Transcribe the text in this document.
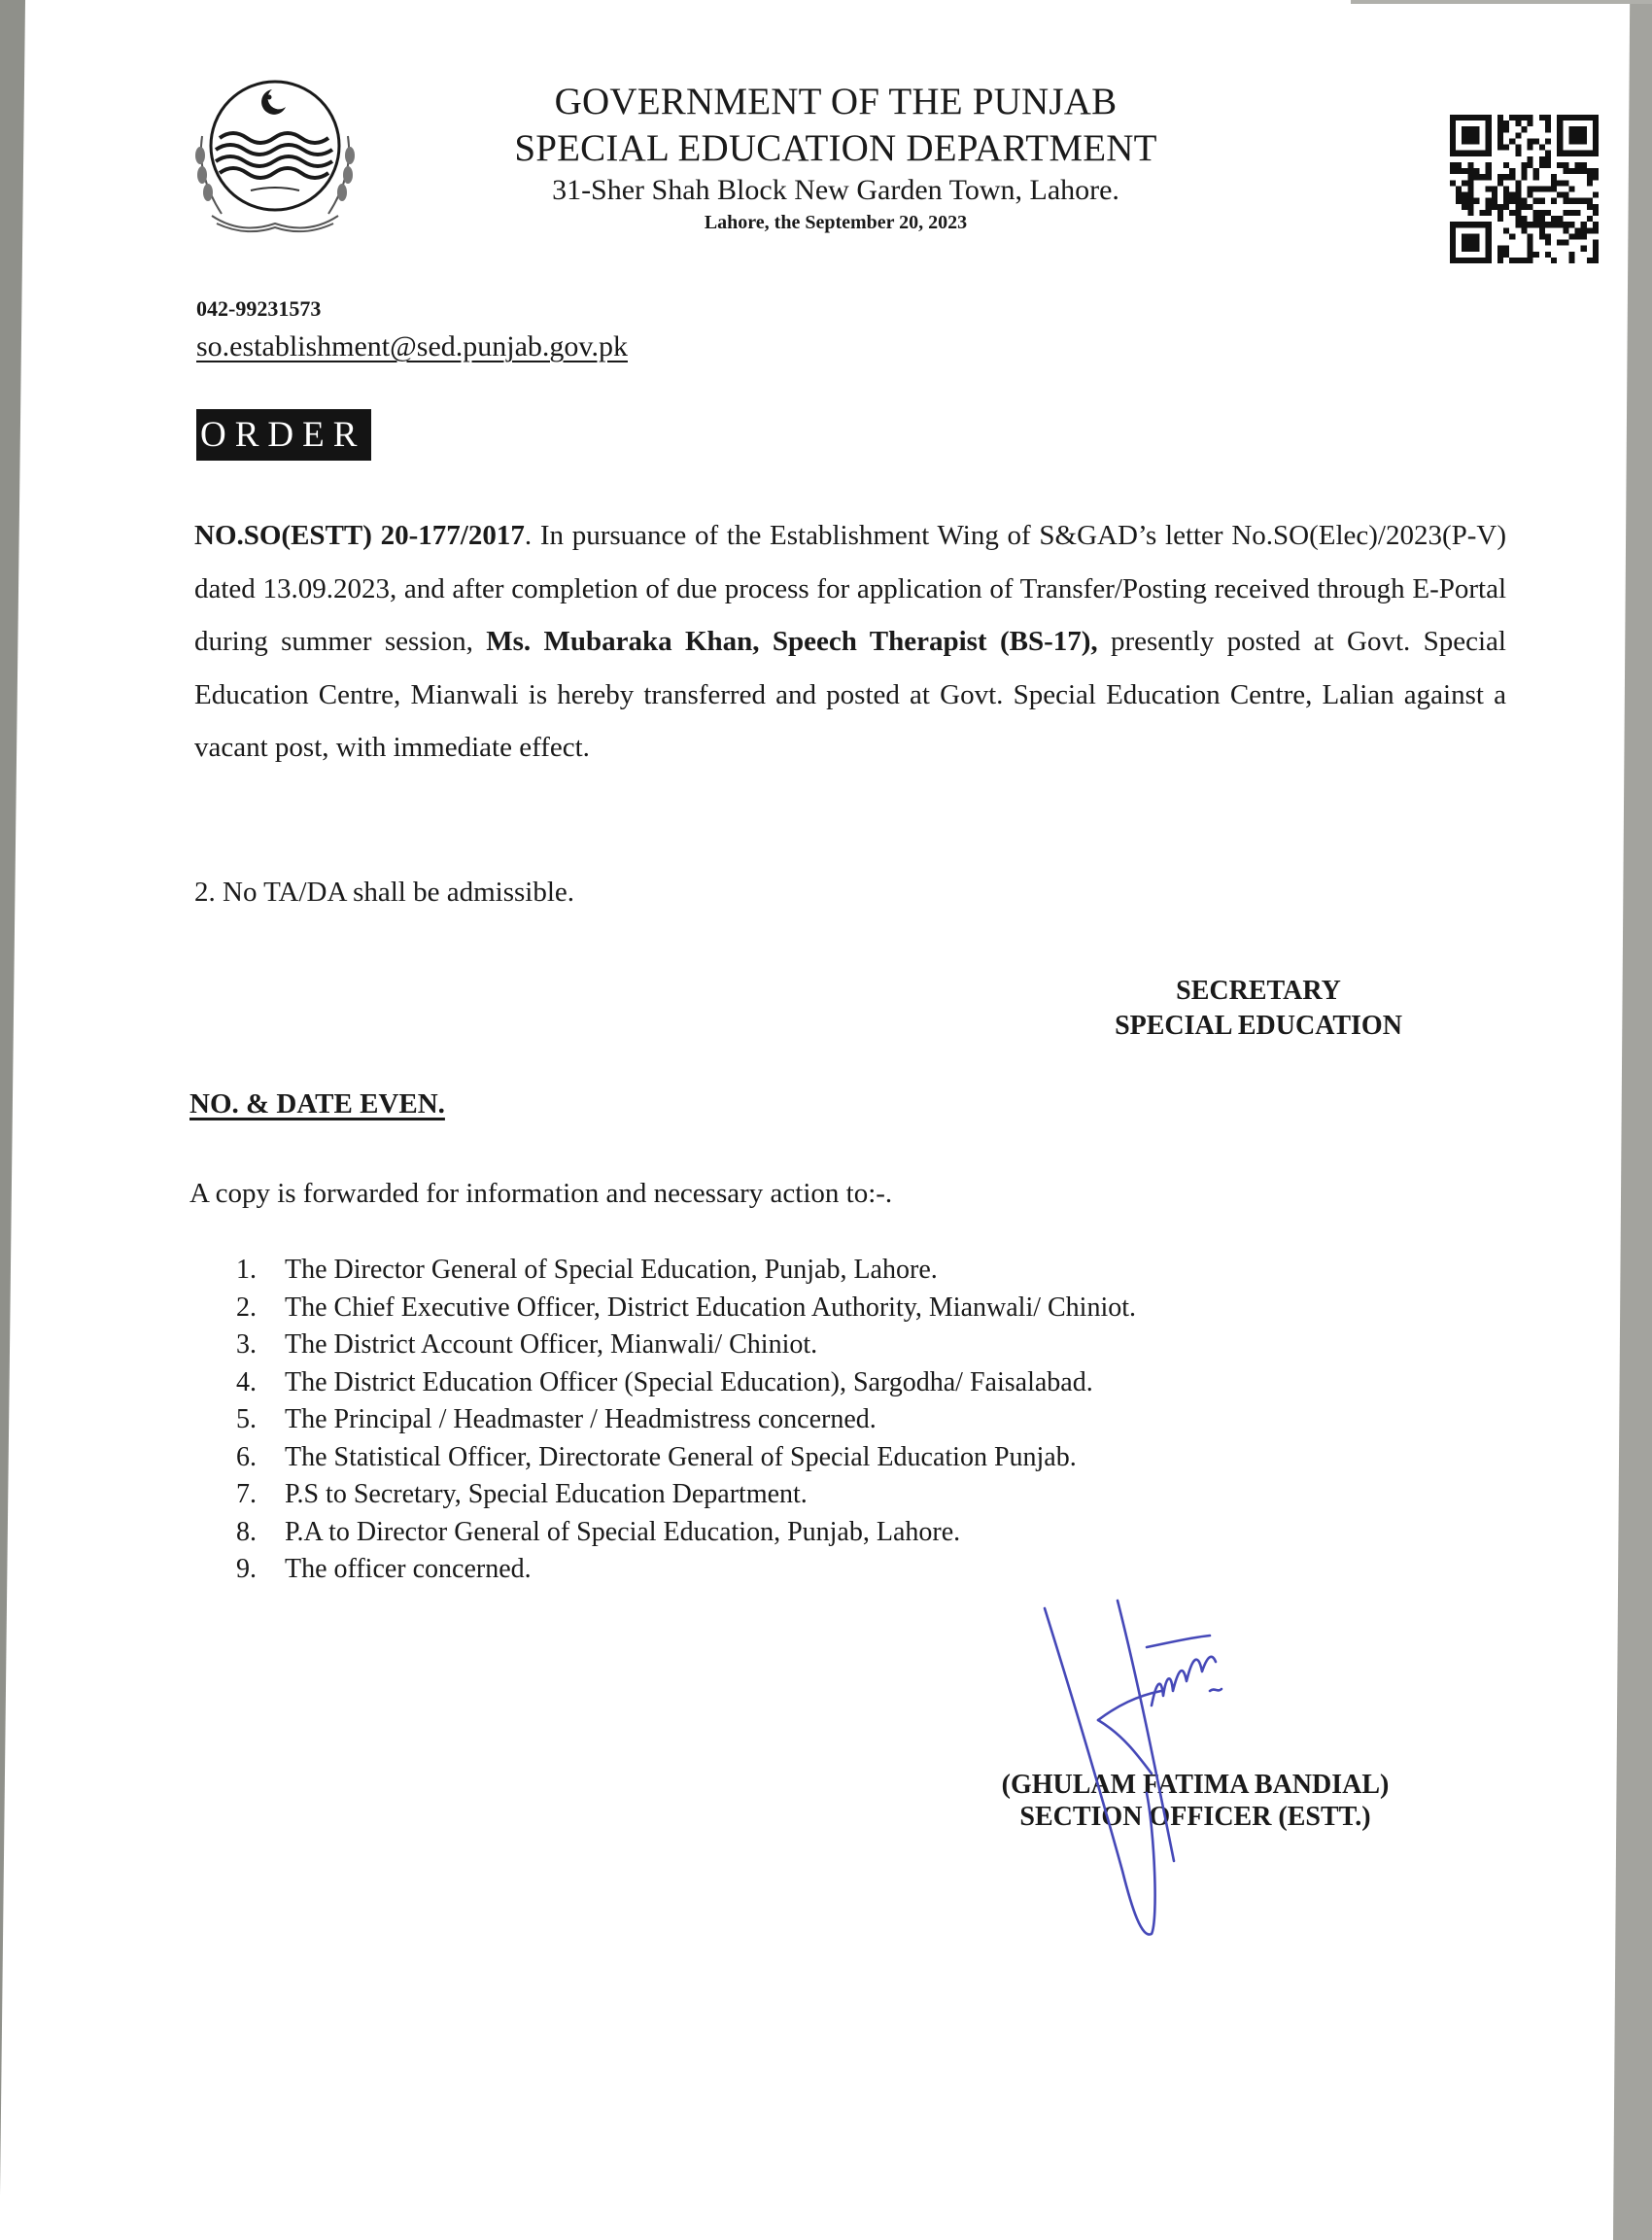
GOVERNMENT OF THE PUNJAB
SPECIAL EDUCATION DEPARTMENT
31-Sher Shah Block New Garden Town, Lahore.
Lahore, the September 20, 2023
042-99231573
so.establishment@sed.punjab.gov.pk
ORDER
NO.SO(ESTT) 20-177/2017. In pursuance of the Establishment Wing of S&GAD’s letter No.SO(Elec)/2023(P-V) dated 13.09.2023, and after completion of due process for application of Transfer/Posting received through E-Portal during summer session, Ms. Mubaraka Khan, Speech Therapist (BS-17), presently posted at Govt. Special Education Centre, Mianwali is hereby transferred and posted at Govt. Special Education Centre, Lalian against a vacant post, with immediate effect.
2. No TA/DA shall be admissible.
SECRETARY
SPECIAL EDUCATION
NO. & DATE EVEN.
A copy is forwarded for information and necessary action to:-.
1.	The Director General of Special Education, Punjab, Lahore.
2.	The Chief Executive Officer, District Education Authority, Mianwali/ Chiniot.
3.	The District Account Officer, Mianwali/ Chiniot.
4.	The District Education Officer (Special Education), Sargodha/ Faisalabad.
5.	The Principal / Headmaster / Headmistress concerned.
6.	The Statistical Officer, Directorate General of Special Education Punjab.
7.	P.S to Secretary, Special Education Department.
8.	P.A to Director General of Special Education, Punjab, Lahore.
9.	The officer concerned.
(GHULAM FATIMA BANDIAL)
SECTION OFFICER (ESTT.)
